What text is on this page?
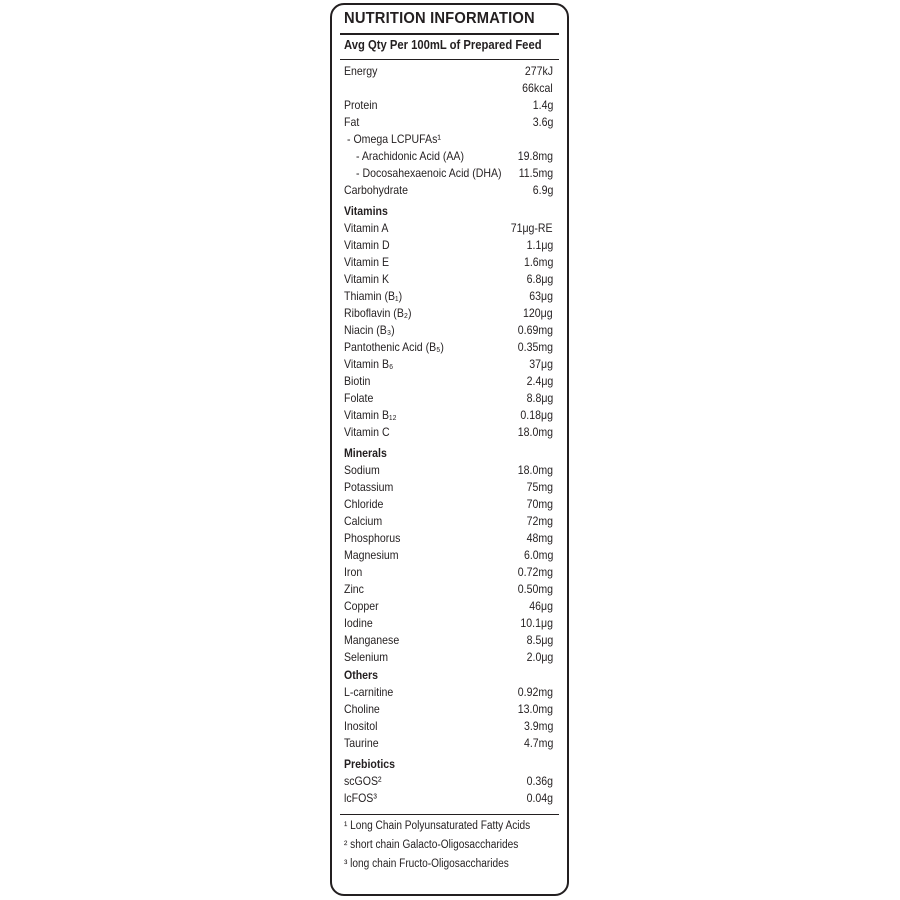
NUTRITION INFORMATION
Avg Qty Per 100mL of Prepared Feed
Energy	277kJ
66kcal
Protein	1.4g
Fat	3.6g
- Omega LCPUFAs¹
- Arachidonic Acid (AA)	19.8mg
- Docosahexaenoic Acid (DHA) 11.5mg
Carbohydrate	6.9g
Vitamins
Vitamin A	71μg-RE
Vitamin D	1.1μg
Vitamin E	1.6mg
Vitamin K	6.8μg
Thiamin (B₁)	63μg
Riboflavin (B₂)	120μg
Niacin (B₃)	0.69mg
Pantothenic Acid (B₅)	0.35mg
Vitamin B₆	37μg
Biotin	2.4μg
Folate	8.8μg
Vitamin B₁₂	0.18μg
Vitamin C	18.0mg
Minerals
Sodium	18.0mg
Potassium	75mg
Chloride	70mg
Calcium	72mg
Phosphorus	48mg
Magnesium	6.0mg
Iron	0.72mg
Zinc	0.50mg
Copper	46μg
Iodine	10.1μg
Manganese	8.5μg
Selenium	2.0μg
Others
L-carnitine	0.92mg
Choline	13.0mg
Inositol	3.9mg
Taurine	4.7mg
Prebiotics
scGOS²	0.36g
lcFOS³	0.04g
¹ Long Chain Polyunsaturated Fatty Acids
² short chain Galacto-Oligosaccharides
³ long chain Fructo-Oligosaccharides
